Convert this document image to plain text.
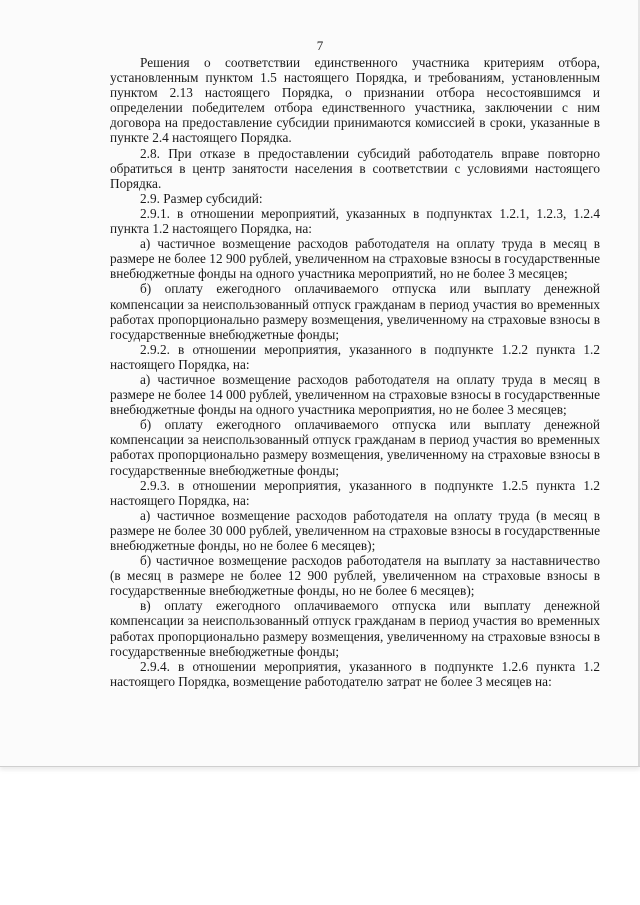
7

Решения о соответствии единственного участника критериям отбора, установленным пунктом 1.5 настоящего Порядка, и требованиям, установленным пунктом 2.13 настоящего Порядка, о признании отбора несостоявшимся и определении победителем отбора единственного участника, заключении с ним договора на предоставление субсидии принимаются комиссией в сроки, указанные в пункте 2.4 настоящего Порядка.

2.8. При отказе в предоставлении субсидий работодатель вправе повторно обратиться в центр занятости населения в соответствии с условиями настоящего Порядка.

2.9. Размер субсидий:

2.9.1. в отношении мероприятий, указанных в подпунктах 1.2.1, 1.2.3, 1.2.4 пункта 1.2 настоящего Порядка, на:

а) частичное возмещение расходов работодателя на оплату труда в месяц в размере не более 12 900 рублей, увеличенном на страховые взносы в государственные внебюджетные фонды на одного участника мероприятий, но не более 3 месяцев;

б) оплату ежегодного оплачиваемого отпуска или выплату денежной компенсации за неиспользованный отпуск гражданам в период участия во временных работах пропорционально размеру возмещения, увеличенному на страховые взносы в государственные внебюджетные фонды;

2.9.2. в отношении мероприятия, указанного в подпункте 1.2.2 пункта 1.2 настоящего Порядка, на:

а) частичное возмещение расходов работодателя на оплату труда в месяц в размере не более 14 000 рублей, увеличенном на страховые взносы в государственные внебюджетные фонды на одного участника мероприятия, но не более 3 месяцев;

б) оплату ежегодного оплачиваемого отпуска или выплату денежной компенсации за неиспользованный отпуск гражданам в период участия во временных работах пропорционально размеру возмещения, увеличенному на страховые взносы в государственные внебюджетные фонды;

2.9.3. в отношении мероприятия, указанного в подпункте 1.2.5 пункта 1.2 настоящего Порядка, на:

а) частичное возмещение расходов работодателя на оплату труда (в месяц в размере не более 30 000 рублей, увеличенном на страховые взносы в государственные внебюджетные фонды, но не более 6 месяцев);

б) частичное возмещение расходов работодателя на выплату за наставничество (в месяц в размере не более 12 900 рублей, увеличенном на страховые взносы в государственные внебюджетные фонды, но не более 6 месяцев);

в) оплату ежегодного оплачиваемого отпуска или выплату денежной компенсации за неиспользованный отпуск гражданам в период участия во временных работах пропорционально размеру возмещения, увеличенному на страховые взносы в государственные внебюджетные фонды;

2.9.4. в отношении мероприятия, указанного в подпункте 1.2.6 пункта 1.2 настоящего Порядка, возмещение работодателю затрат не более 3 месяцев на:
